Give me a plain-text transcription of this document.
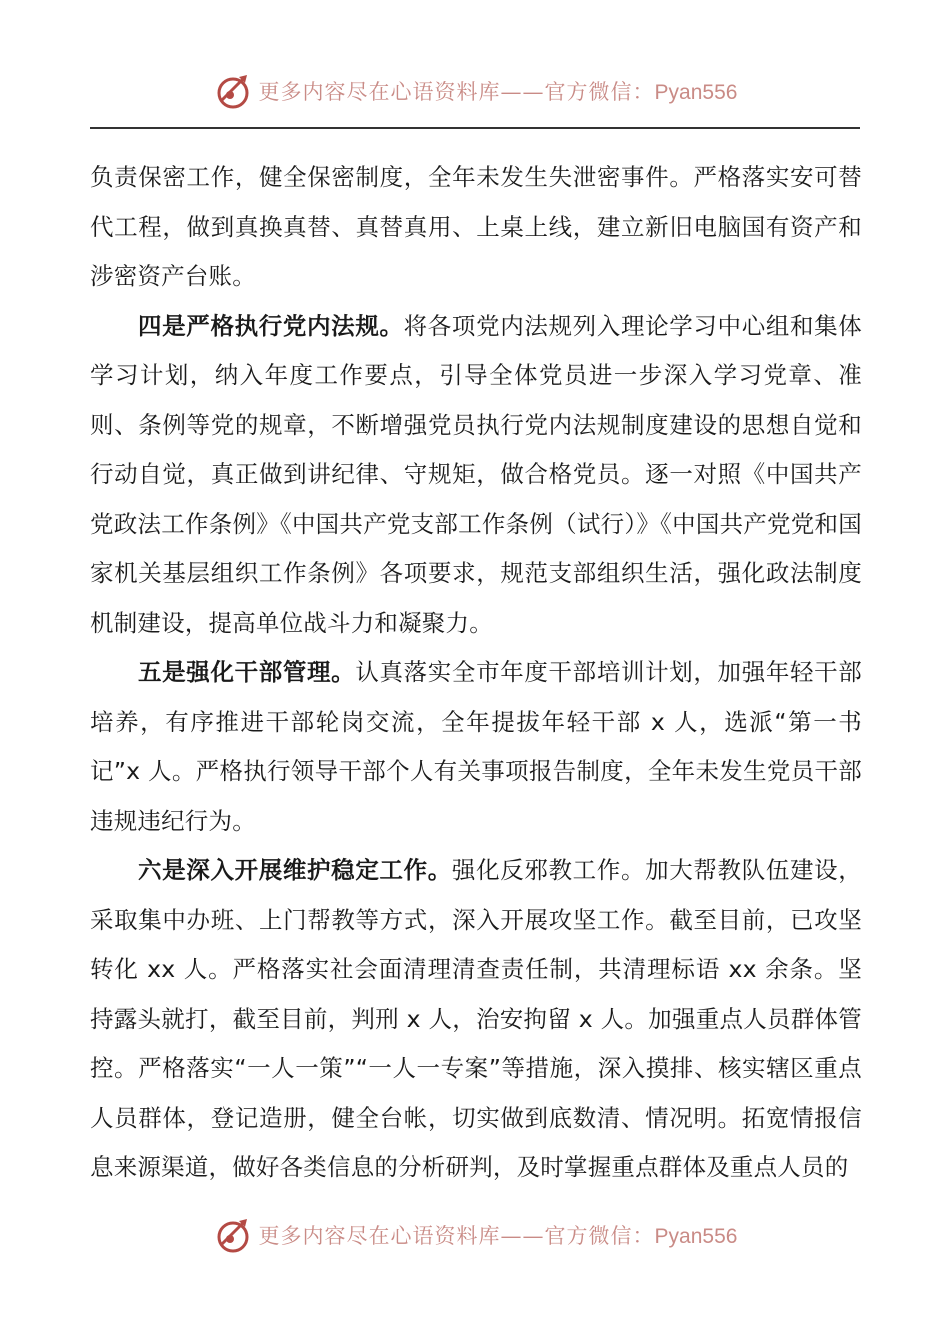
更多内容尽在心语资料库——官方微信：Pyan556

负责保密工作，健全保密制度，全年未发生失泄密事件。严格落实安可替代工程，做到真换真替、真替真用、上桌上线，建立新旧电脑国有资产和涉密资产台账。

四是严格执行党内法规。将各项党内法规列入理论学习中心组和集体学习计划，纳入年度工作要点，引导全体党员进一步深入学习党章、准则、条例等党的规章，不断增强党员执行党内法规制度建设的思想自觉和行动自觉，真正做到讲纪律、守规矩，做合格党员。逐一对照《中国共产党政法工作条例》《中国共产党支部工作条例（试行）》《中国共产党党和国家机关基层组织工作条例》各项要求，规范支部组织生活，强化政法制度机制建设，提高单位战斗力和凝聚力。

五是强化干部管理。认真落实全市年度干部培训计划，加强年轻干部培养，有序推进干部轮岗交流，全年提拔年轻干部 x 人，选派“第一书记”x 人。严格执行领导干部个人有关事项报告制度，全年未发生党员干部违规违纪行为。

六是深入开展维护稳定工作。强化反邪教工作。加大帮教队伍建设，采取集中办班、上门帮教等方式，深入开展攻坚工作。截至目前，已攻坚转化 xx 人。严格落实社会面清理清查责任制，共清理标语 xx 余条。坚持露头就打，截至目前，判刑 x 人，治安拘留 x 人。加强重点人员群体管控。严格落实“一人一策”“一人一专案”等措施，深入摸排、核实辖区重点人员群体，登记造册，健全台帐，切实做到底数清、情况明。拓宽情报信息来源渠道，做好各类信息的分析研判，及时掌握重点群体及重点人员的

更多内容尽在心语资料库——官方微信：Pyan556
